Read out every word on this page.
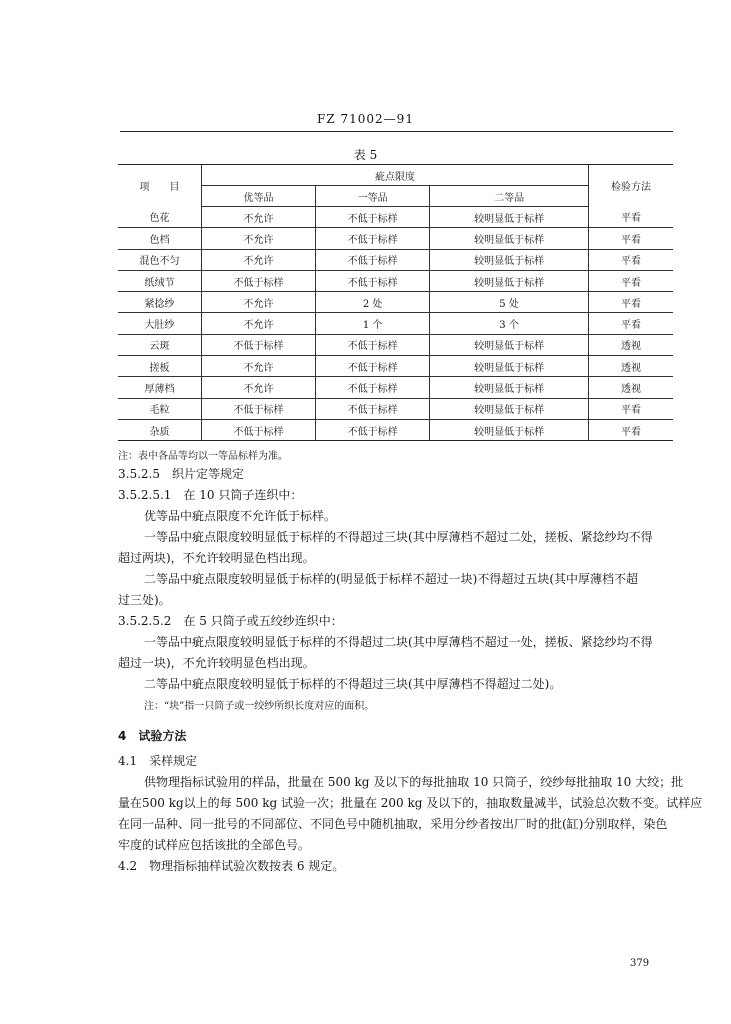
FZ 71002—91
表 5
项　　目	疵点限度			检验方法
	优等品	一等品	二等品	
色花	不允许	不低于标样	较明显低于标样	平看
色档	不允许	不低于标样	较明显低于标样	平看
混色不匀	不允许	不低于标样	较明显低于标样	平看
纸绒节	不低于标样	不低于标样	较明显低于标样	平看
紧捻纱	不允许	2 处	5 处	平看
大肚纱	不允许	1 个	3 个	平看
云斑	不低于标样	不低于标样	较明显低于标样	透视
搓板	不允许	不低于标样	较明显低于标样	透视
厚薄档	不允许	不低于标样	较明显低于标样	透视
毛粒	不低于标样	不低于标样	较明显低于标样	平看
杂质	不低于标样	不低于标样	较明显低于标样	平看
注：表中各品等均以一等品标样为准。
3.5.2.5　织片定等规定
3.5.2.5.1　在 10 只筒子连织中：
优等品中疵点限度不允许低于标样。
一等品中疵点限度较明显低于标样的不得超过三块(其中厚薄档不超过二处，搓板、紧捻纱均不得
超过两块)，不允许较明显色档出现。
二等品中疵点限度较明显低于标样的(明显低于标样不超过一块)不得超过五块(其中厚薄档不超
过三处)。
3.5.2.5.2　在 5 只筒子或五绞纱连织中：
一等品中疵点限度较明显低于标样的不得超过二块(其中厚薄档不超过一处，搓板、紧捻纱均不得
超过一块)，不允许较明显色档出现。
二等品中疵点限度较明显低于标样的不得超过三块(其中厚薄档不得超过二处)。
注：“块”指一只筒子或一绞纱所织长度对应的面积。
4　试验方法
4.1　采样规定
供物理指标试验用的样品，批量在 500 kg 及以下的每批抽取 10 只筒子，绞纱每批抽取 10 大绞；批
量在500 kg以上的每 500 kg 试验一次；批量在 200 kg 及以下的，抽取数量减半，试验总次数不变。试样应
在同一品种、同一批号的不同部位、不同色号中随机抽取，采用分纱者按出厂时的批(缸)分别取样，染色
牢度的试样应包括该批的全部色号。
4.2　物理指标抽样试验次数按表 6 规定。
379
